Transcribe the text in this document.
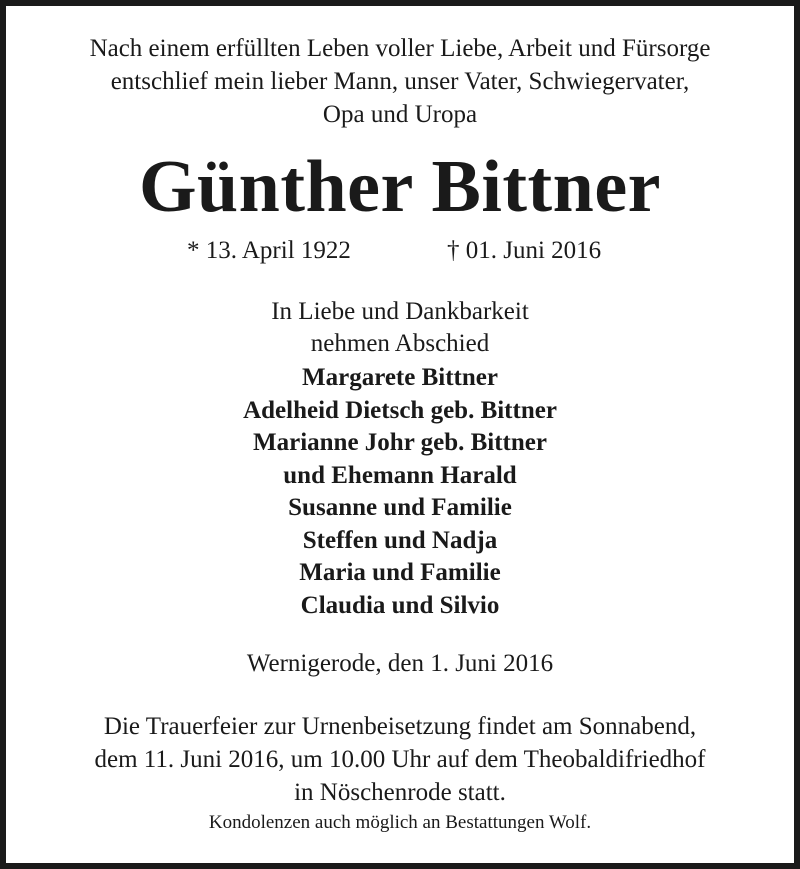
Nach einem erfüllten Leben voller Liebe, Arbeit und Fürsorge
entschlief mein lieber Mann, unser Vater, Schwiegervater,
Opa und Uropa
Günther Bittner
* 13. April 1922	† 01. Juni 2016
In Liebe und Dankbarkeit
nehmen Abschied
Margarete Bittner
Adelheid Dietsch geb. Bittner
Marianne Johr geb. Bittner
und Ehemann Harald
Susanne und Familie
Steffen und Nadja
Maria und Familie
Claudia und Silvio
Wernigerode, den 1. Juni 2016
Die Trauerfeier zur Urnenbeisetzung findet am Sonnabend,
dem 11. Juni 2016, um 10.00 Uhr auf dem Theobaldifriedhof
in Nöschenrode statt.
Kondolenzen auch möglich an Bestattungen Wolf.
